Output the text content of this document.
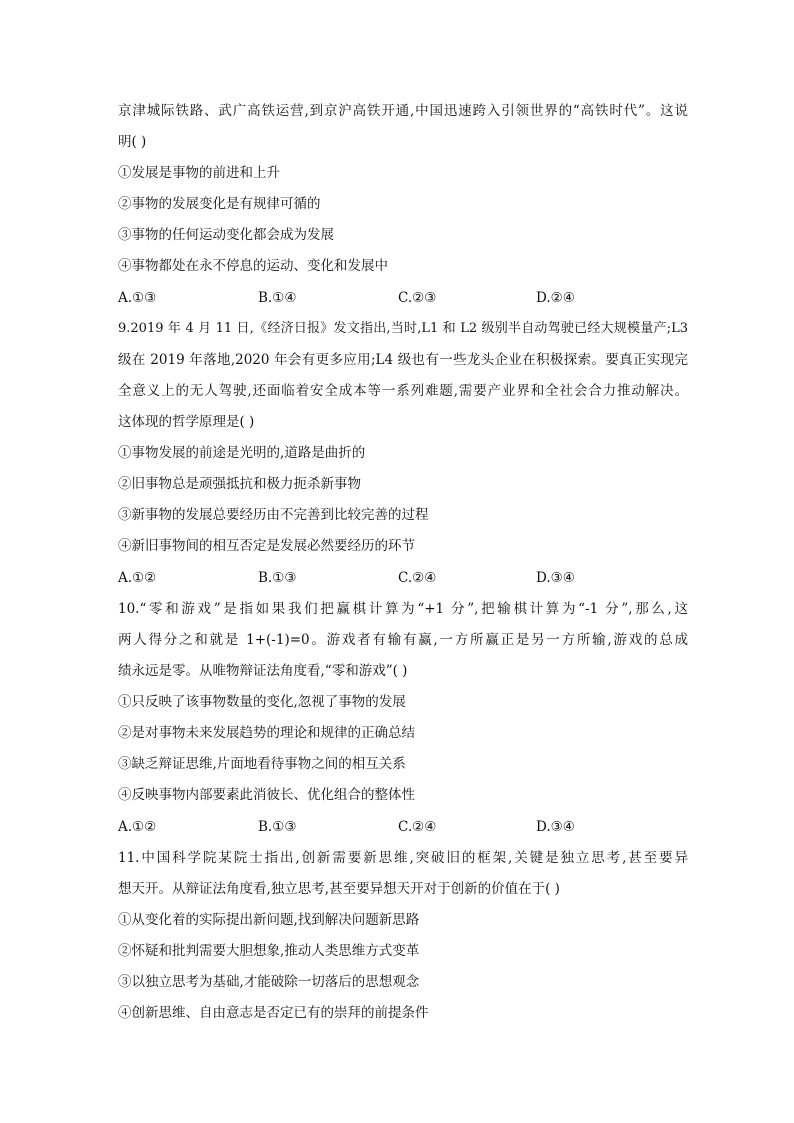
京津城际铁路、武广高铁运营,到京沪高铁开通,中国迅速跨入引领世界的“高铁时代”。这说
明( )
①发展是事物的前进和上升
②事物的发展变化是有规律可循的
③事物的任何运动变化都会成为发展
④事物都处在永不停息的运动、变化和发展中
A.①③	B.①④	C.②③	D.②④
9.2019 年 4 月 11 日,《经济日报》发文指出,当时,L1 和 L2 级别半自动驾驶已经大规模量产;L3
级在 2019 年落地,2020 年会有更多应用;L4 级也有一些龙头企业在积极探索。要真正实现完
全意义上的无人驾驶,还面临着安全成本等一系列难题,需要产业界和全社会合力推动解决。
这体现的哲学原理是( )
①事物发展的前途是光明的,道路是曲折的
②旧事物总是顽强抵抗和极力扼杀新事物
③新事物的发展总要经历由不完善到比较完善的过程
④新旧事物间的相互否定是发展必然要经历的环节
A.①②	B.①③	C.②④	D.③④
10.“零和游戏”是指如果我们把赢棋计算为“+1 分”,把输棋计算为“-1 分”,那么,这
两人得分之和就是 1+(-1)=0。游戏者有输有赢,一方所赢正是另一方所输,游戏的总成
绩永远是零。从唯物辩证法角度看,“零和游戏”( )
①只反映了该事物数量的变化,忽视了事物的发展
②是对事物未来发展趋势的理论和规律的正确总结
③缺乏辩证思维,片面地看待事物之间的相互关系
④反映事物内部要素此消彼长、优化组合的整体性
A.①②	B.①③	C.②④	D.③④
11.中国科学院某院士指出,创新需要新思维,突破旧的框架,关键是独立思考,甚至要异
想天开。从辩证法角度看,独立思考,甚至要异想天开对于创新的价值在于( )
①从变化着的实际提出新问题,找到解决问题新思路
②怀疑和批判需要大胆想象,推动人类思维方式变革
③以独立思考为基础,才能破除一切落后的思想观念
④创新思维、自由意志是否定已有的崇拜的前提条件
